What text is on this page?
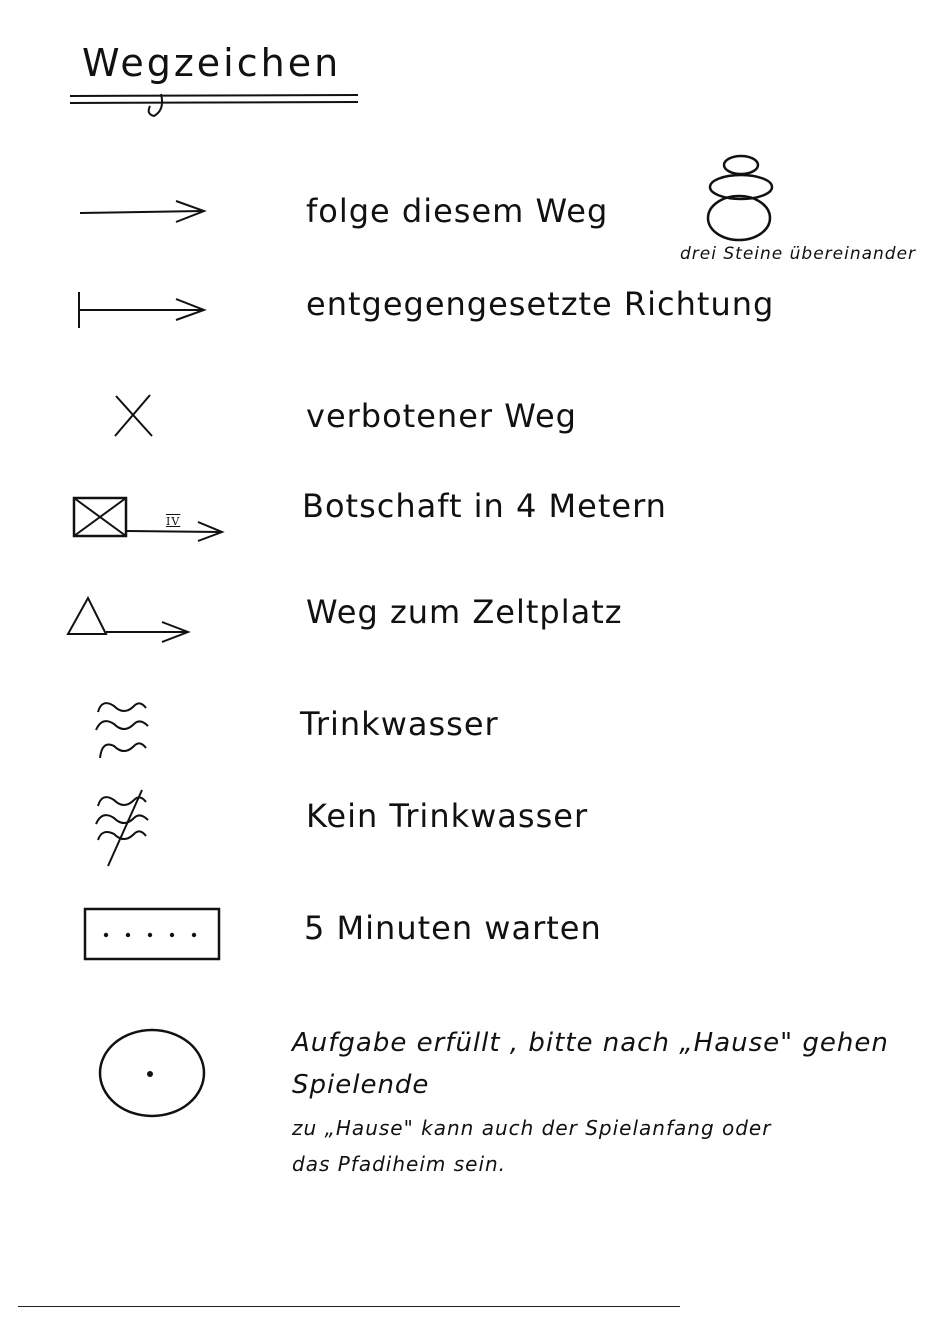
Wegzeichen
folge diesem Weg
drei Steine übereinander
entgegengesetzte Richtung
verbotener Weg
IV	Botschaft in 4 Metern
Weg zum Zeltplatz
Trinkwasser
Kein Trinkwasser
5 Minuten warten
Aufgabe erfüllt , bitte nach „Hause" gehen
Spielende
zu „Hause" kann auch der Spielanfang oder
das Pfadiheim sein.
